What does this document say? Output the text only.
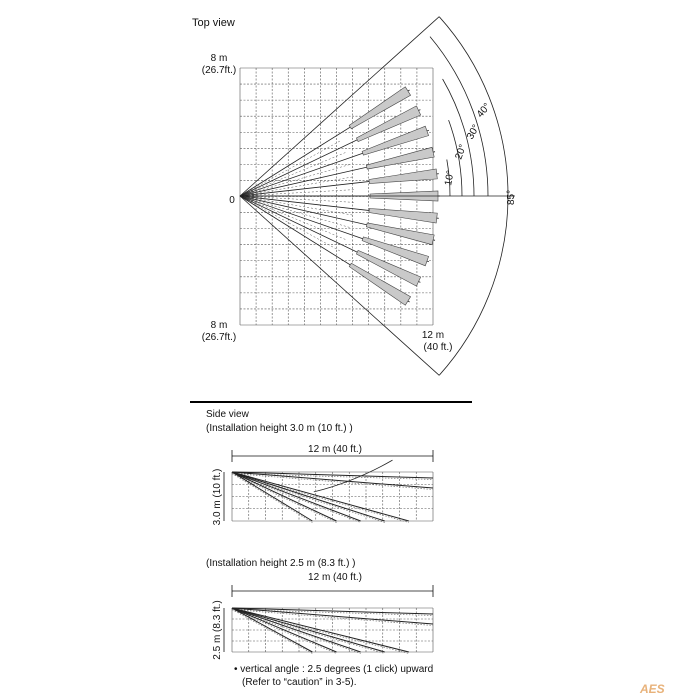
Top view
8 m
(26.7ft.)
0
8 m
(26.7ft.)	12 m
(40 ft.)
10°
20°
30°
40°
85°
Side view
(Installation height 3.0 m (10 ft.) )
12 m (40 ft.)
3.0 m (10 ft.)
(Installation height 2.5 m (8.3 ft.) )
12 m (40 ft.)
2.5 m (8.3 ft.)
• vertical angle : 2.5 degrees (1 click) upward
(Refer to “caution” in 3-5).	AES
